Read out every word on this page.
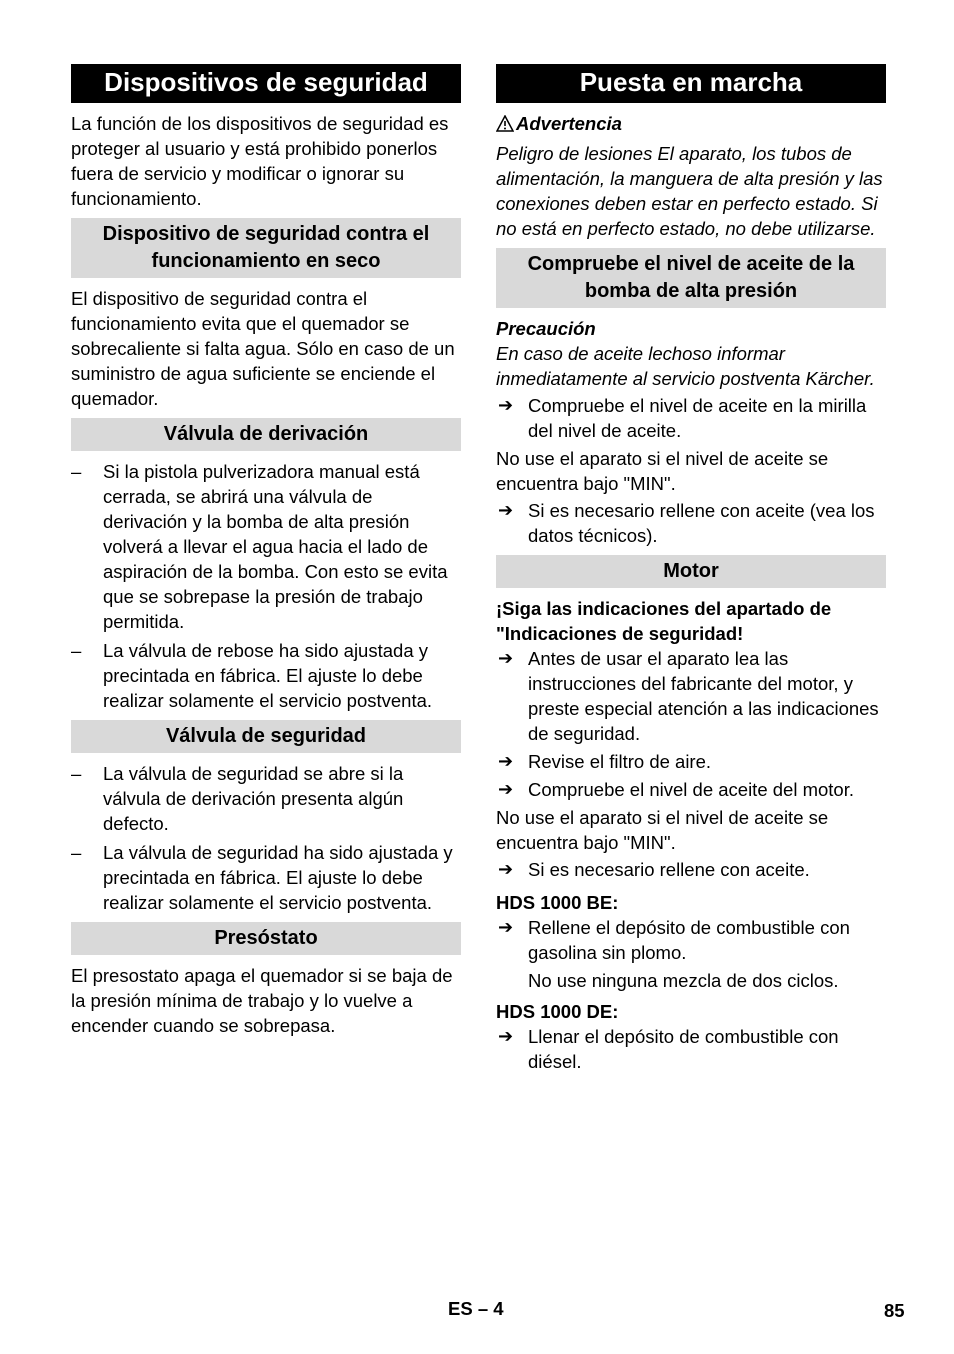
Dispositivos de seguridad

La función de los dispositivos de seguridad es proteger al usuario y está prohibido ponerlos fuera de servicio y modificar o ignorar su funcionamiento.

Dispositivo de seguridad contra el funcionamiento en seco

El dispositivo de seguridad contra el funcionamiento evita que el quemador se sobrecaliente si falta agua. Sólo en caso de un suministro de agua suficiente se enciende el quemador.

Válvula de derivación
– Si la pistola pulverizadora manual está cerrada, se abrirá una válvula de derivación y la bomba de alta presión volverá a llevar el agua hacia el lado de aspiración de la bomba. Con esto se evita que se sobrepase la presión de trabajo permitida.
– La válvula de rebose ha sido ajustada y precintada en fábrica. El ajuste lo debe realizar solamente el servicio postventa.
Válvula de seguridad
– La válvula de seguridad se abre si la válvula de derivación presenta algún defecto.
– La válvula de seguridad ha sido ajustada y precintada en fábrica. El ajuste lo debe realizar solamente el servicio postventa.
Presóstato

El presostato apaga el quemador si se baja de la presión mínima de trabajo y lo vuelve a encender cuando se sobrepasa.

Puesta en marcha

Advertencia

Peligro de lesiones El aparato, los tubos de alimentación, la manguera de alta presión y las conexiones deben estar en perfecto estado. Si no está en perfecto estado, no debe utilizarse.

Compruebe el nivel de aceite de la bomba de alta presión

Precaución

En caso de aceite lechoso informar inmediatamente al servicio postventa Kärcher.

➔ Compruebe el nivel de aceite en la mirilla del nivel de aceite.

No use el aparato si el nivel de aceite se encuentra bajo "MIN".

➔ Si es necesario rellene con aceite (vea los datos técnicos).
Motor

¡Siga las indicaciones del apartado de "Indicaciones de seguridad!

➔ Antes de usar el aparato lea las instrucciones del fabricante del motor, y preste especial atención a las indicaciones de seguridad.
➔ Revise el filtro de aire.
➔ Compruebe el nivel de aceite del motor.

No use el aparato si el nivel de aceite se encuentra bajo "MIN".

➔ Si es necesario rellene con aceite.

HDS 1000 BE:

➔ Rellene el depósito de combustible con gasolina sin plomo.

No use ninguna mezcla de dos ciclos.

HDS 1000 DE:

➔ Llenar el depósito de combustible con diésel.
ES – 4	85
